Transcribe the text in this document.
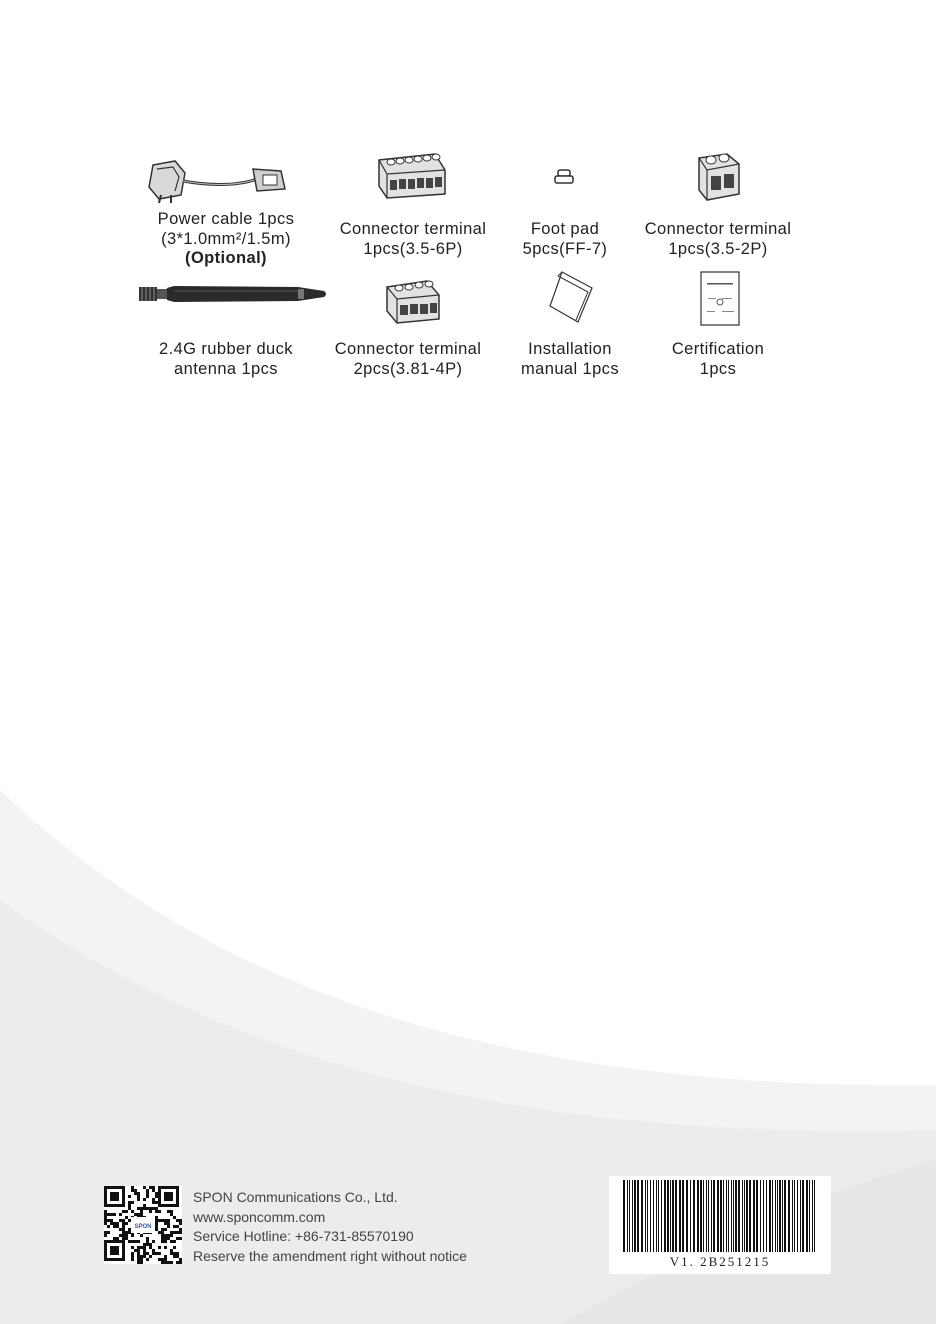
Power cable 1pcs
(3*1.0mm²/1.5m)
(Optional)
Connector terminal
1pcs(3.5-6P)
Foot pad
5pcs(FF-7)
Connector terminal
1pcs(3.5-2P)
2.4G rubber duck
antenna 1pcs
Connector terminal
2pcs(3.81-4P)
Installation
manual 1pcs
Certification
1pcs
SPON
SPON Communications Co., Ltd.
www.sponcomm.com
Service Hotline: +86-731-85570190
Reserve the amendment right without notice	V1. 2B251215
